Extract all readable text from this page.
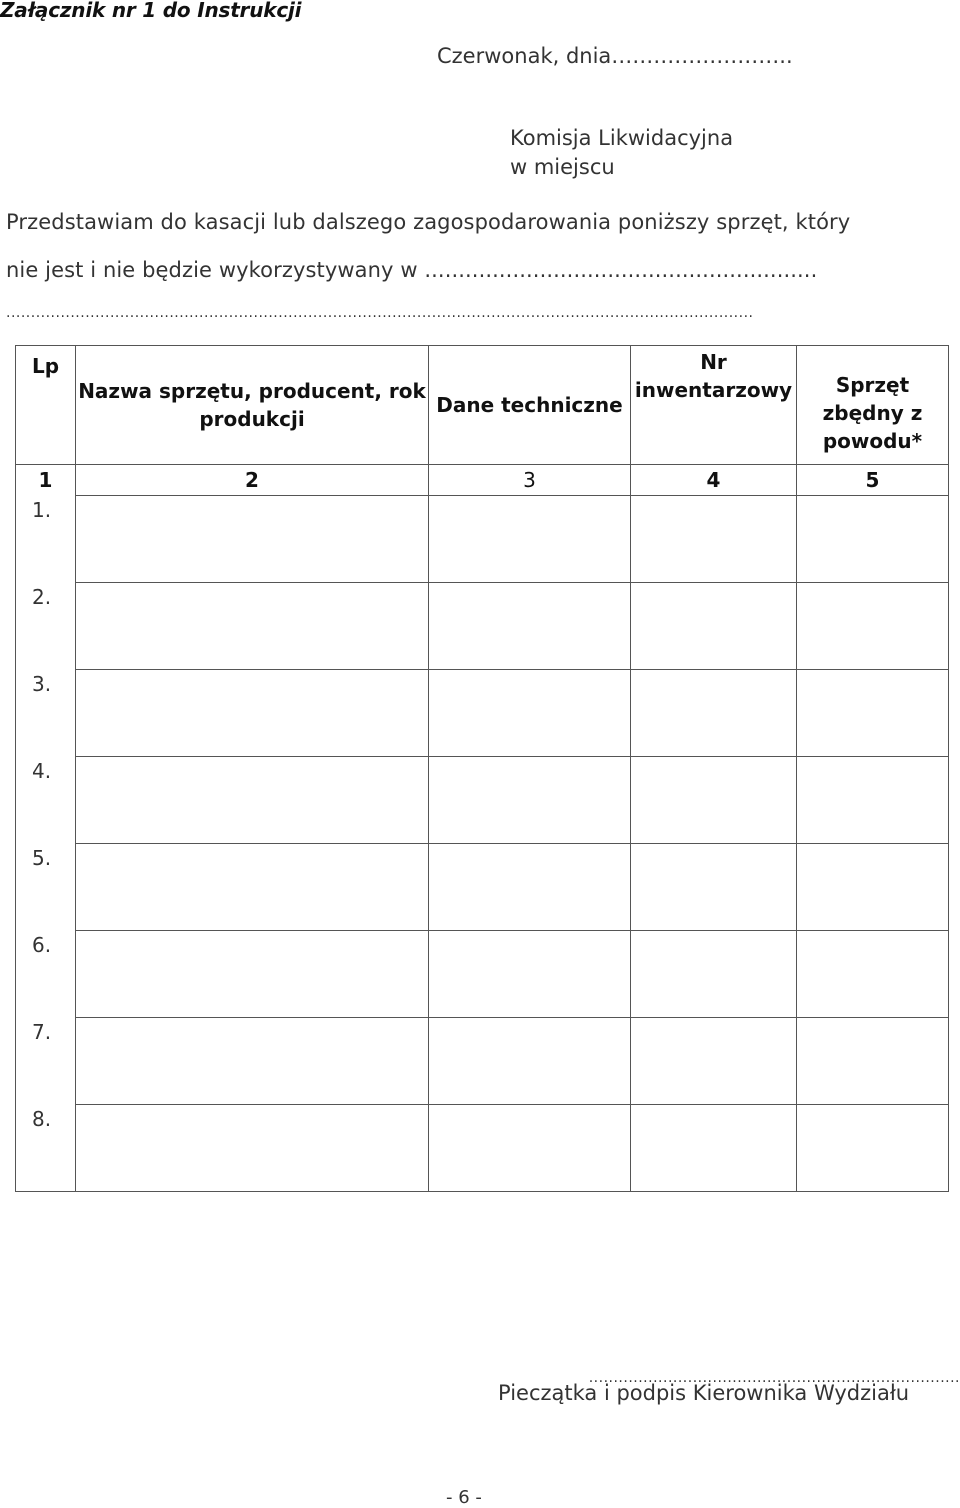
Załącznik nr 1 do Instrukcji
Czerwonak, dnia……………………..
Komisja Likwidacyjna
w miejscu
Przedstawiam do kasacji lub dalszego zagospodarowania poniższy sprzęt, który
nie jest i nie będzie wykorzystywany w ..........................................................
.......................................................................................................................................................
Lp	Nazwa sprzętu, producent, rok produkcji	Dane techniczne	Nr inwentarzowy	Sprzęt zbędny z powodu*
1	2	3	4	5
1.				
2.				
3.				
4.				
5.				
6.				
7.				
8.				
...........................................................................
Pieczątka i podpis Kierownika Wydziału
- 6 -
